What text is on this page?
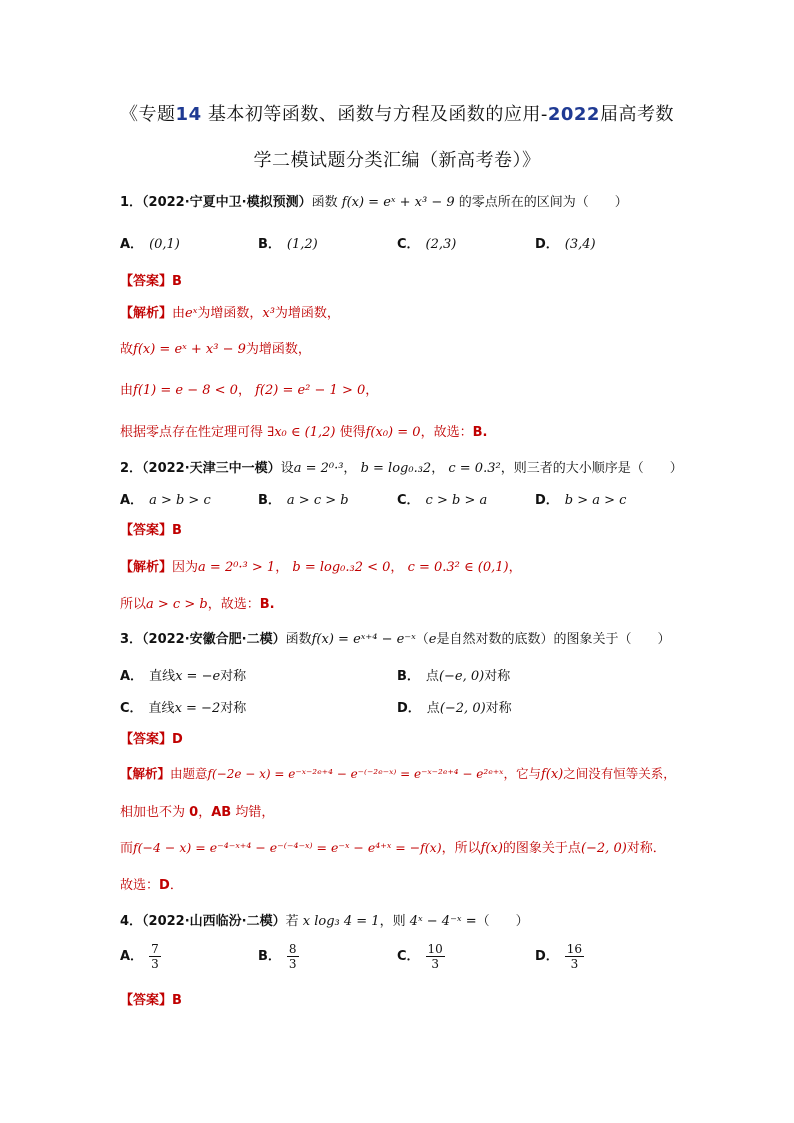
《专题14 基本初等函数、函数与方程及函数的应用-2022届高考数
学二模试题分类汇编（新高考卷）》
1．（2022·宁夏中卫·模拟预测）函数 f(x) = eˣ + x³ − 9 的零点所在的区间为（　　）
A． (0,1)	B． (1,2)	C． (2,3)	D． (3,4)
【答案】B
【解析】由eˣ为增函数，x³为增函数，
故f(x) = eˣ + x³ − 9为增函数，
由f(1) = e − 8 < 0， f(2) = e² − 1 > 0，
根据零点存在性定理可得 ∃x₀ ∈ (1,2) 使得f(x₀) = 0，故选：B.
2．（2022·天津三中一模）设a = 2⁰·³， b = log₀.₃2， c = 0.3²，则三者的大小顺序是（　　）
A． a > b > c	B． a > c > b	C． c > b > a	D． b > a > c
【答案】B
【解析】因为a = 2⁰·³ > 1， b = log₀.₃2 < 0， c = 0.3² ∈ (0,1)，
所以a > c > b，故选：B.
3．（2022·安徽合肥·二模）函数f(x) = eˣ⁺⁴ − e⁻ˣ（e是自然对数的底数）的图象关于（　　）
A． 直线x = −e对称	B． 点(−e, 0)对称
C． 直线x = −2对称	D． 点(−2, 0)对称
【答案】D
【解析】由题意f(−2e − x) = e⁻ˣ⁻²ᵉ⁺⁴ − e⁻⁽⁻²ᵉ⁻ˣ⁾ = e⁻ˣ⁻²ᵉ⁺⁴ − e²ᵉ⁺ˣ，它与f(x)之间没有恒等关系，
相加也不为 0，AB 均错，
而f(−4 − x) = e⁻⁴⁻ˣ⁺⁴ − e⁻⁽⁻⁴⁻ˣ⁾ = e⁻ˣ − e⁴⁺ˣ = −f(x)，所以f(x)的图象关于点(−2, 0)对称．
故选：D．
4．（2022·山西临汾·二模）若 x log₃ 4 = 1，则 4ˣ − 4⁻ˣ =（　　）
A． $\frac{7}{3}$	B． $\frac{8}{3}$	C． $\frac{10}{3}$	D． $\frac{16}{3}$
【答案】B
